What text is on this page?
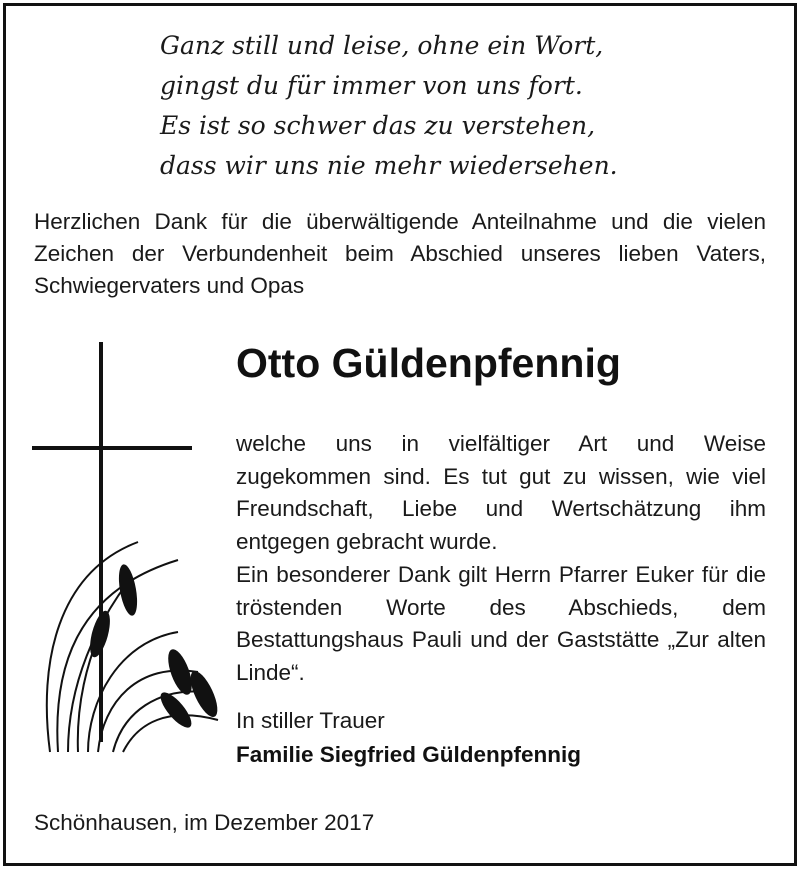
Ganz still und leise, ohne ein Wort,
gingst du für immer von uns fort.
Es ist so schwer das zu verstehen,
dass wir uns nie mehr wiedersehen.
Herzlichen Dank für die überwältigende Anteilnahme und die vielen Zeichen der Verbundenheit beim Abschied unseres lieben Vaters, Schwiegervaters und Opas
Otto Güldenpfennig

welche uns in vielfältiger Art und Weise zugekommen sind. Es tut gut zu wissen, wie viel Freundschaft, Liebe und Wertschätzung ihm entgegen gebracht wurde.

Ein besonderer Dank gilt Herrn Pfarrer Euker für die tröstenden Worte des Abschieds, dem Bestattungshaus Pauli und der Gaststätte „Zur alten Linde“.

In stiller Trauer
Familie Siegfried Güldenpfennig
Schönhausen, im Dezember 2017
